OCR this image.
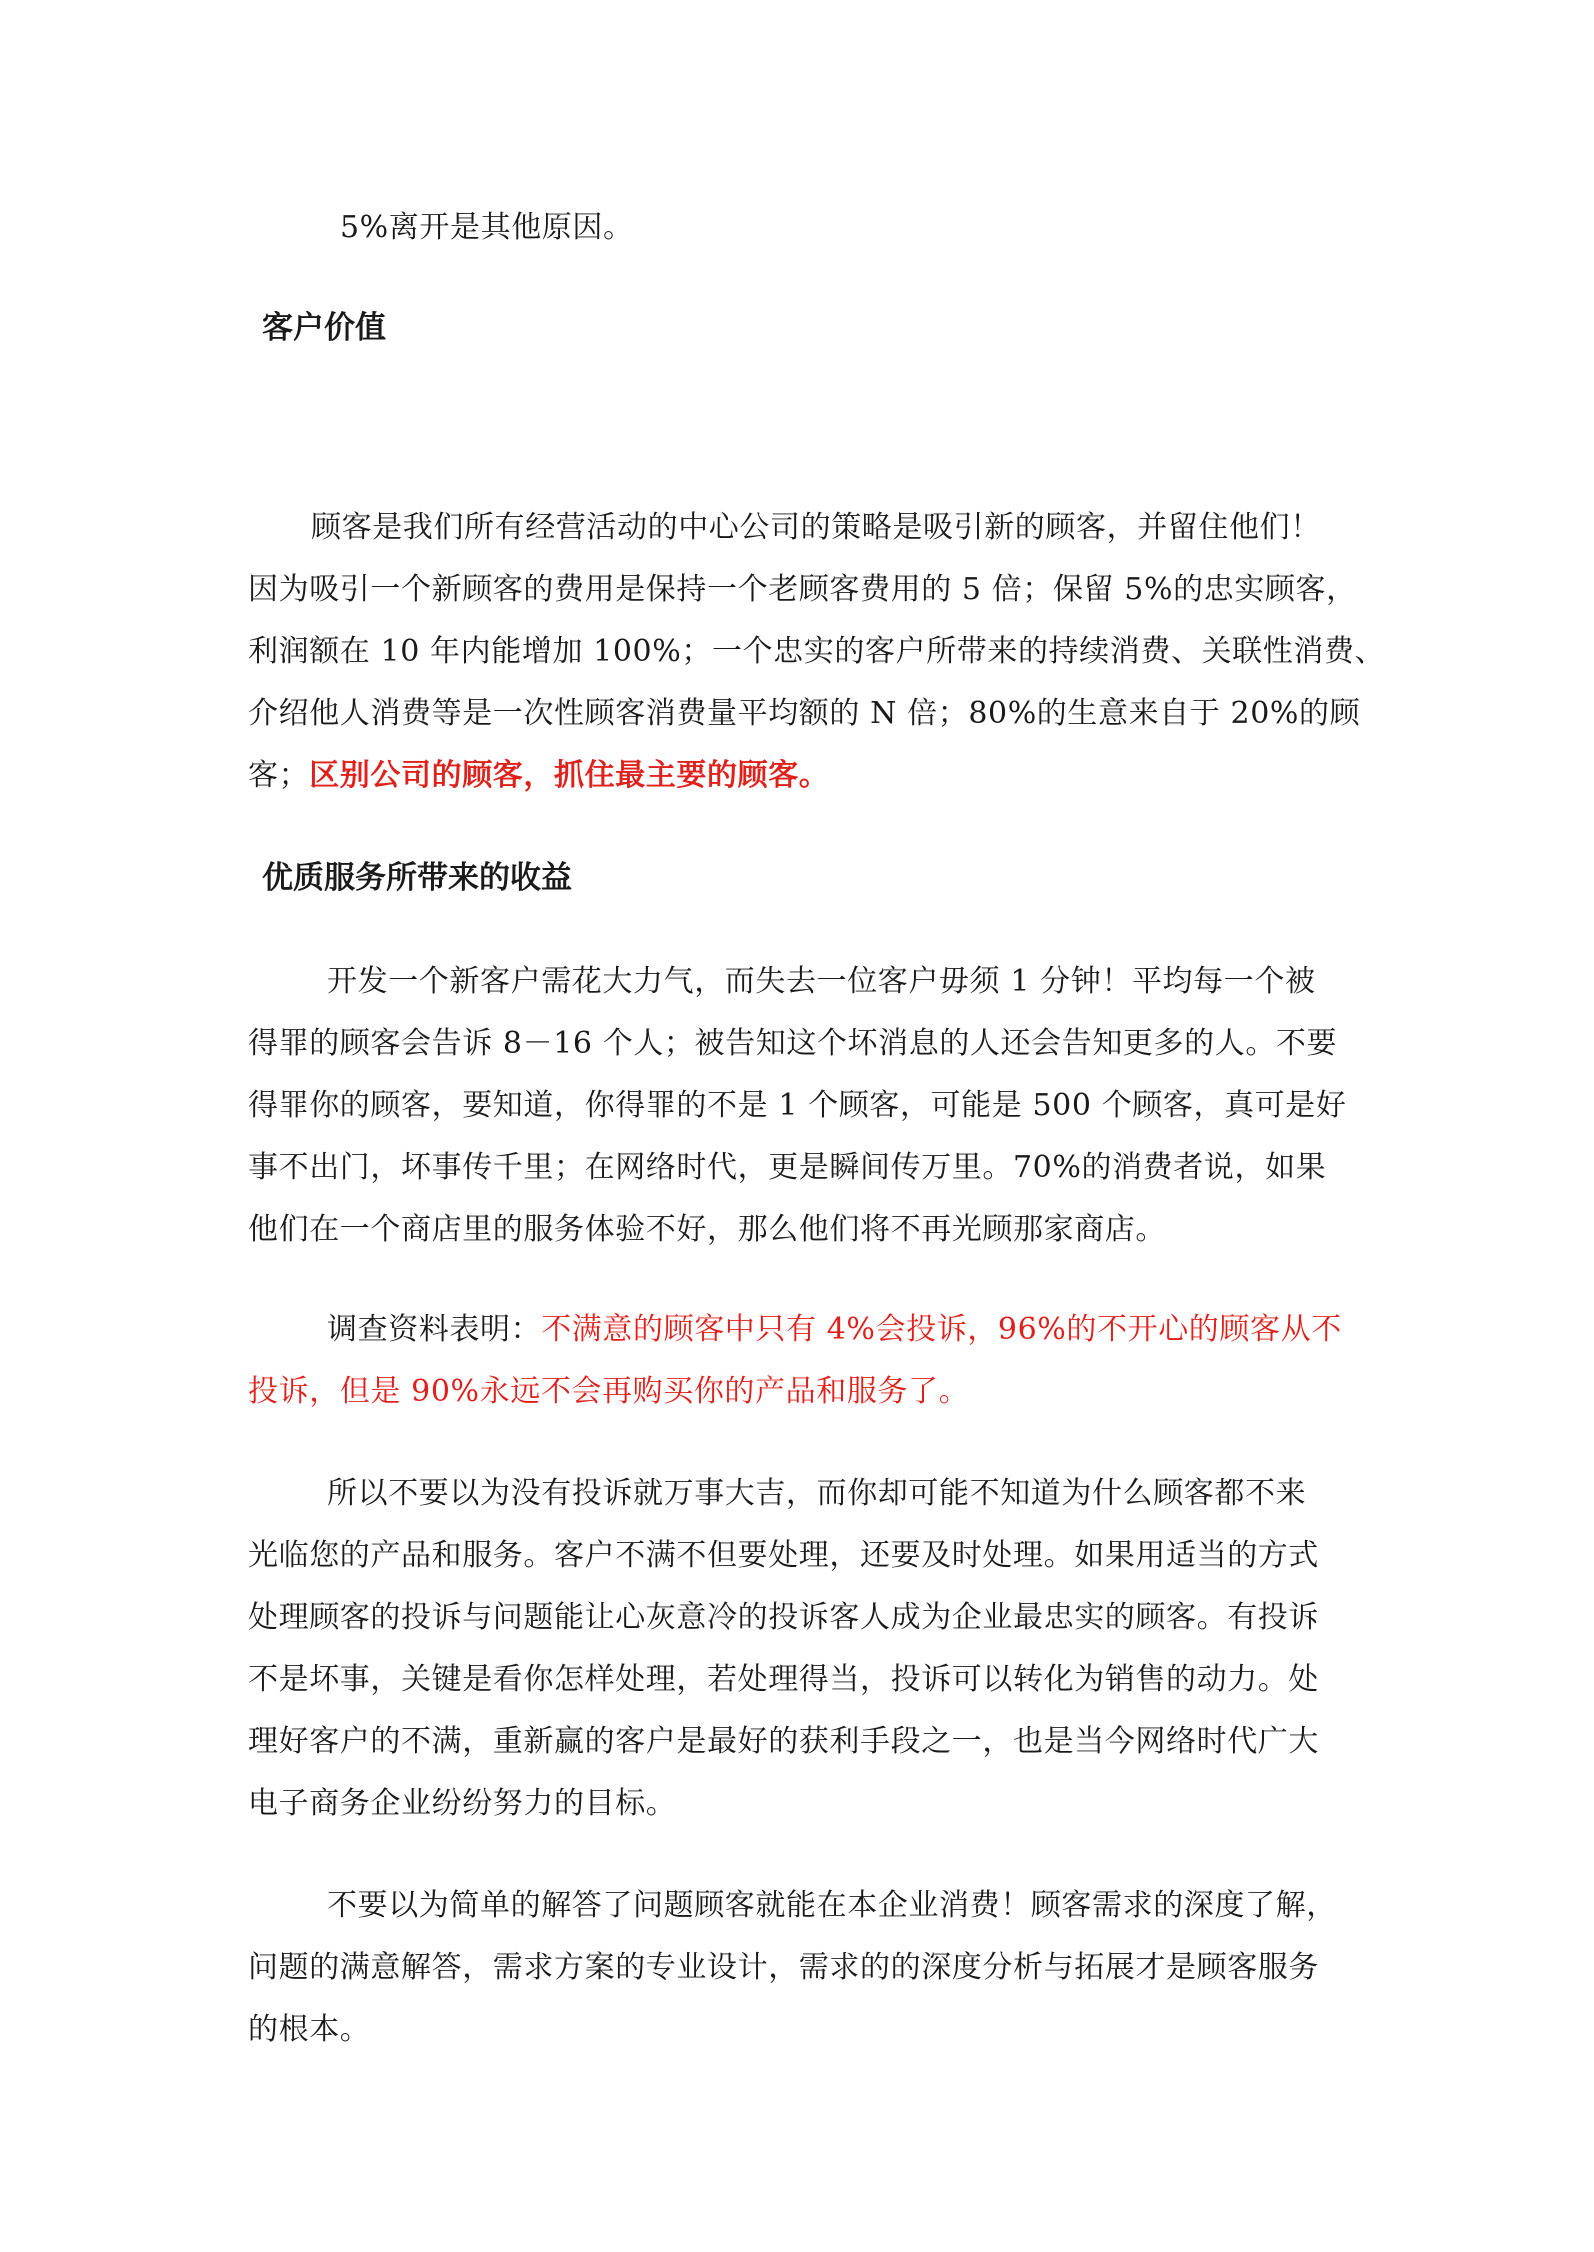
5%离开是其他原因。
客户价值
顾客是我们所有经营活动的中心公司的策略是吸引新的顾客，并留住他们！
因为吸引一个新顾客的费用是保持一个老顾客费用的 5 倍；保留 5%的忠实顾客，
利润额在 10 年内能增加 100%；一个忠实的客户所带来的持续消费、关联性消费、
介绍他人消费等是一次性顾客消费量平均额的 N 倍；80%的生意来自于 20%的顾
客；区别公司的顾客，抓住最主要的顾客。
优质服务所带来的收益
开发一个新客户需花大力气，而失去一位客户毋须 1 分钟！平均每一个被
得罪的顾客会告诉 8－16 个人；被告知这个坏消息的人还会告知更多的人。不要
得罪你的顾客，要知道，你得罪的不是 1 个顾客，可能是 500 个顾客，真可是好
事不出门，坏事传千里；在网络时代，更是瞬间传万里。70%的消费者说，如果
他们在一个商店里的服务体验不好，那么他们将不再光顾那家商店。
调查资料表明：不满意的顾客中只有 4%会投诉，96%的不开心的顾客从不
投诉，但是 90%永远不会再购买你的产品和服务了。
所以不要以为没有投诉就万事大吉，而你却可能不知道为什么顾客都不来
光临您的产品和服务。客户不满不但要处理，还要及时处理。如果用适当的方式
处理顾客的投诉与问题能让心灰意冷的投诉客人成为企业最忠实的顾客。有投诉
不是坏事，关键是看你怎样处理，若处理得当，投诉可以转化为销售的动力。处
理好客户的不满，重新赢的客户是最好的获利手段之一，也是当今网络时代广大
电子商务企业纷纷努力的目标。
不要以为简单的解答了问题顾客就能在本企业消费！顾客需求的深度了解，
问题的满意解答，需求方案的专业设计，需求的的深度分析与拓展才是顾客服务
的根本。
